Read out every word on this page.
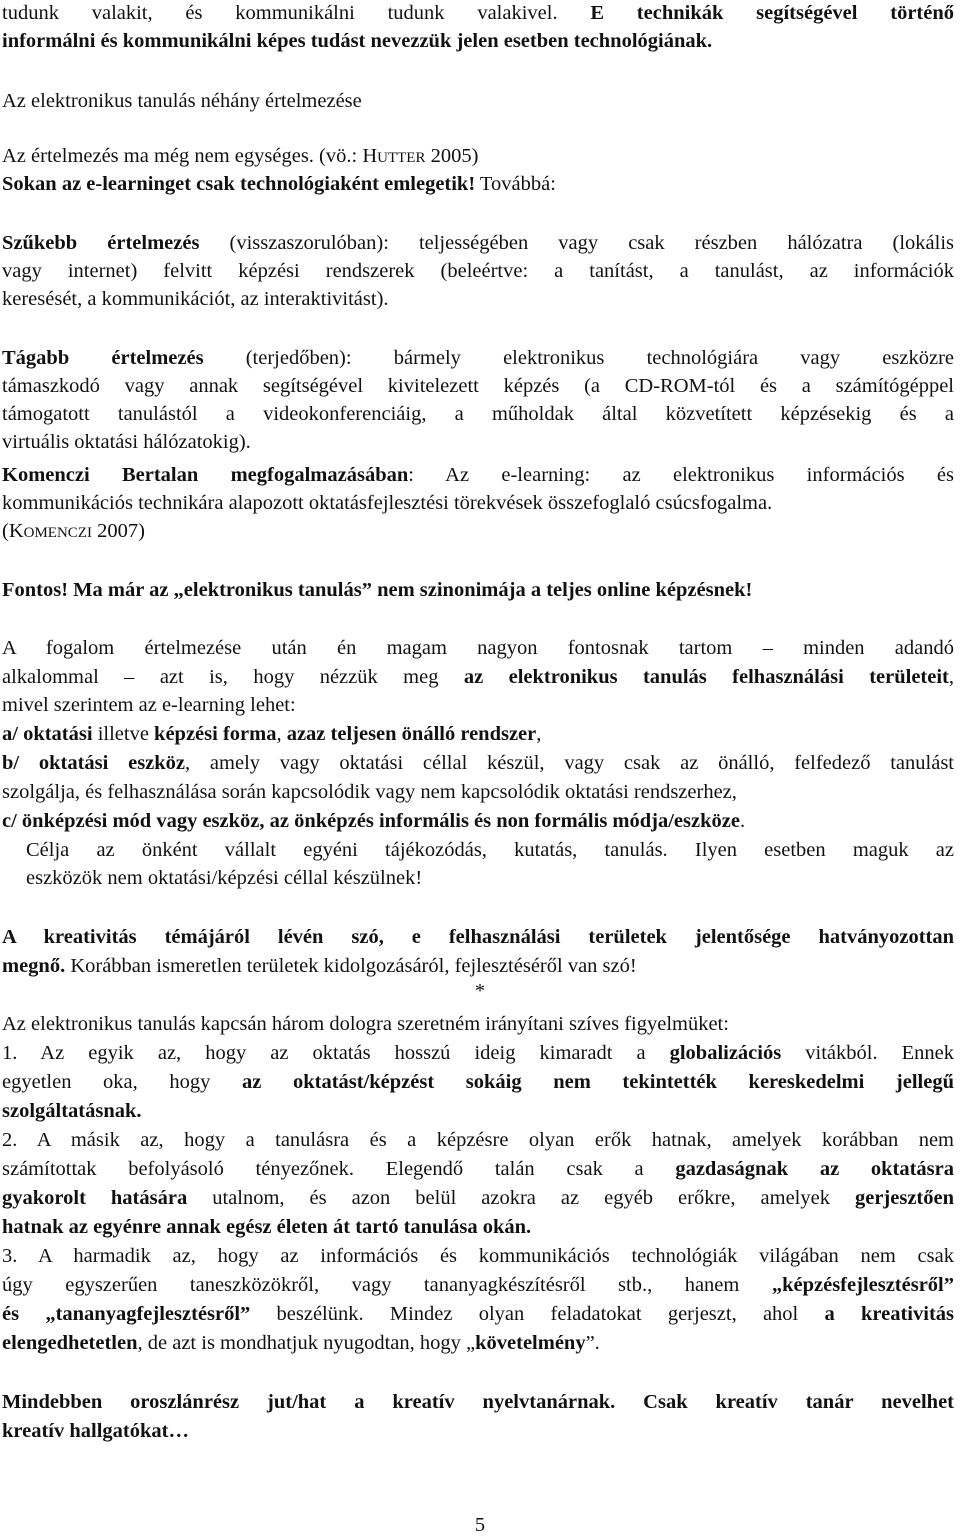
tudunk valakit, és kommunikálni tudunk valakivel. E technikák segítségével történő
informálni és kommunikálni képes tudást nevezzük jelen esetben technológiának.
Az elektronikus tanulás néhány értelmezése
Az értelmezés ma még nem egységes. (vö.: HUTTER 2005)
Sokan az e-learninget csak technológiaként emlegetik! Továbbá:
Szűkebb értelmezés (visszaszorulóban): teljességében vagy csak részben hálózatra (lokális
vagy internet) felvitt képzési rendszerek (beleértve: a tanítást, a tanulást, az információk
keresését, a kommunikációt, az interaktivitást).
Tágabb értelmezés (terjedőben): bármely elektronikus technológiára vagy eszközre
támaszkodó vagy annak segítségével kivitelezett képzés (a CD-ROM-tól és a számítógéppel
támogatott tanulástól a videokonferenciáig, a műholdak által közvetített képzésekig és a
virtuális oktatási hálózatokig).
Komenczi Bertalan megfogalmazásában: Az e-learning: az elektronikus információs és
kommunikációs technikára alapozott oktatásfejlesztési törekvések összefoglaló csúcsfogalma.
(KOMENCZI 2007)
Fontos! Ma már az „elektronikus tanulás” nem szinonimája a teljes online képzésnek!
A fogalom értelmezése után én magam nagyon fontosnak tartom – minden adandó
alkalommal – azt is, hogy nézzük meg az elektronikus tanulás felhasználási területeit,
mivel szerintem az e-learning lehet:
a/ oktatási illetve képzési forma, azaz teljesen önálló rendszer,
b/ oktatási eszköz, amely vagy oktatási céllal készül, vagy csak az önálló, felfedező tanulást
szolgálja, és felhasználása során kapcsolódik vagy nem kapcsolódik oktatási rendszerhez,
c/ önképzési mód vagy eszköz, az önképzés informális és non formális módja/eszköze.
Célja az önként vállalt egyéni tájékozódás, kutatás, tanulás. Ilyen esetben maguk az
eszközök nem oktatási/képzési céllal készülnek!
A kreativitás témájáról lévén szó, e felhasználási területek jelentősége hatványozottan
megnő. Korábban ismeretlen területek kidolgozásáról, fejlesztéséről van szó!
*
Az elektronikus tanulás kapcsán három dologra szeretném irányítani szíves figyelmüket:
1. Az egyik az, hogy az oktatás hosszú ideig kimaradt a globalizációs vitákból. Ennek
egyetlen oka, hogy az oktatást/képzést sokáig nem tekintették kereskedelmi jellegű
szolgáltatásnak.
2. A másik az, hogy a tanulásra és a képzésre olyan erők hatnak, amelyek korábban nem
számítottak befolyásoló tényezőnek. Elegendő talán csak a gazdaságnak az oktatásra
gyakorolt hatására utalnom, és azon belül azokra az egyéb erőkre, amelyek gerjesztően
hatnak az egyénre annak egész életen át tartó tanulása okán.
3. A harmadik az, hogy az információs és kommunikációs technológiák világában nem csak
úgy egyszerűen taneszközökről, vagy tananyagkészítésről stb., hanem „képzésfejlesztésről”
és „tananyagfejlesztésről” beszélünk. Mindez olyan feladatokat gerjeszt, ahol a kreativitás
elengedhetetlen, de azt is mondhatjuk nyugodtan, hogy „követelmény”.
Mindebben oroszlánrész jut/hat a kreatív nyelvtanárnak. Csak kreatív tanár nevelhet
kreatív hallgatókat…
5
